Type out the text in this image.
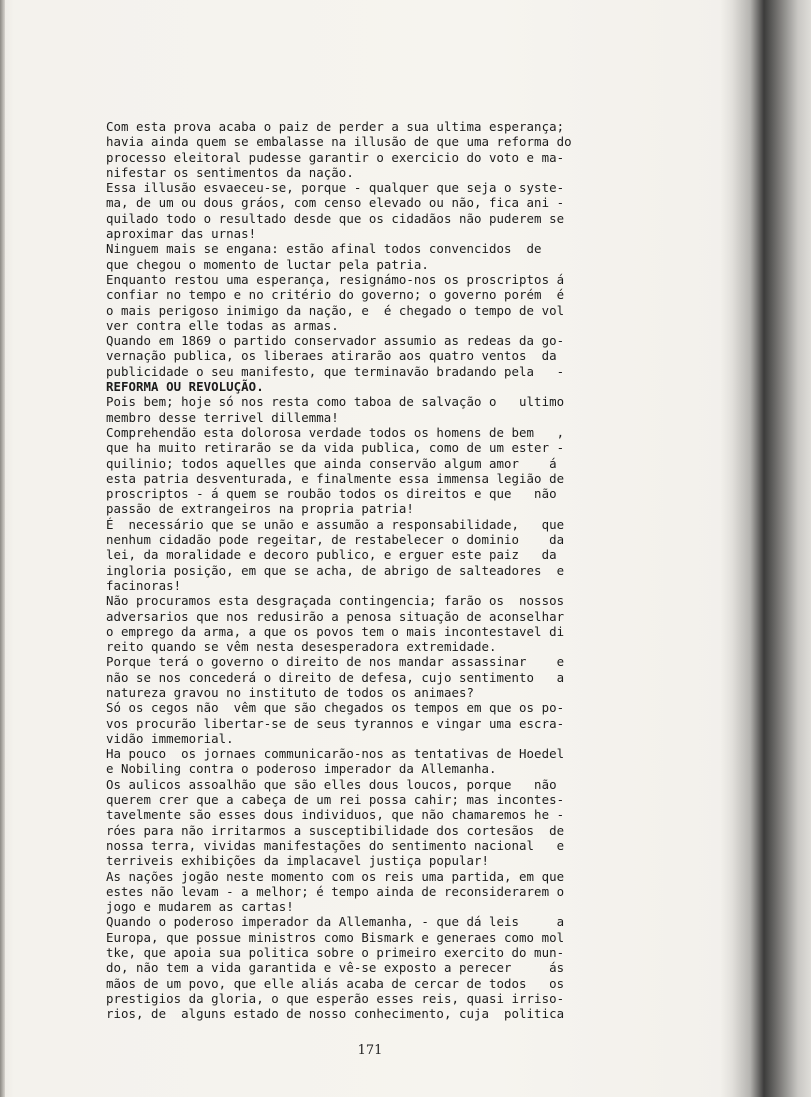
Com esta prova acaba o paiz de perder a sua ultima esperança;
havia ainda quem se embalasse na illusão de que uma reforma do
processo eleitoral pudesse garantir o exercicio do voto e ma-
nifestar os sentimentos da nação.
Essa illusão esvaeceu-se, porque - qualquer que seja o syste-
ma, de um ou dous gráos, com censo elevado ou não, fica ani -
quilado todo o resultado desde que os cidadãos não puderem se
aproximar das urnas!
Ninguem mais se engana: estão afinal todos convencidos  de
que chegou o momento de luctar pela patria.
Enquanto restou uma esperança, resignámo-nos os proscriptos á
confiar no tempo e no critério do governo; o governo porém  é
o mais perigoso inimigo da nação, e  é chegado o tempo de vol
ver contra elle todas as armas.
Quando em 1869 o partido conservador assumio as redeas da go-
vernação publica, os liberaes atirarão aos quatro ventos  da
publicidade o seu manifesto, que terminavão bradando pela   -
REFORMA OU REVOLUÇÃO.
Pois bem; hoje só nos resta como taboa de salvação o   ultimo
membro desse terrivel dillemma!
Comprehendão esta dolorosa verdade todos os homens de bem   ,
que ha muito retirarão se da vida publica, como de um ester -
quilinio; todos aquelles que ainda conservão algum amor    á
esta patria desventurada, e finalmente essa immensa legião de
proscriptos - á quem se roubão todos os direitos e que   não
passão de extrangeiros na propria patria!
É  necessário que se unão e assumão a responsabilidade,   que
nenhum cidadão pode regeitar, de restabelecer o dominio    da
lei, da moralidade e decoro publico, e erguer este paiz   da
ingloria posição, em que se acha, de abrigo de salteadores  e
facinoras!
Não procuramos esta desgraçada contingencia; farão os  nossos
adversarios que nos redusirão a penosa situação de aconselhar
o emprego da arma, a que os povos tem o mais incontestavel di
reito quando se vêm nesta desesperadora extremidade.
Porque terá o governo o direito de nos mandar assassinar    e
não se nos concederá o direito de defesa, cujo sentimento   a
natureza gravou no instituto de todos os animaes?
Só os cegos não  vêm que são chegados os tempos em que os po-
vos procurão libertar-se de seus tyrannos e vingar uma escra-
vidão immemorial.
Ha pouco  os jornaes communicarão-nos as tentativas de Hoedel
e Nobiling contra o poderoso imperador da Allemanha.
Os aulicos assoalhão que são elles dous loucos, porque   não
querem crer que a cabeça de um rei possa cahir; mas incontes-
tavelmente são esses dous individuos, que não chamaremos he -
róes para não irritarmos a susceptibilidade dos cortesãos  de
nossa terra, vividas manifestações do sentimento nacional   e
terriveis exhibições da implacavel justiça popular!
As nações jogão neste momento com os reis uma partida, em que
estes não levam - a melhor; é tempo ainda de reconsiderarem o
jogo e mudarem as cartas!
Quando o poderoso imperador da Allemanha, - que dá leis     a
Europa, que possue ministros como Bismark e generaes como mol
tke, que apoia sua politica sobre o primeiro exercito do mun-
do, não tem a vida garantida e vê-se exposto a perecer     ás
mãos de um povo, que elle aliás acaba de cercar de todos   os
prestigios da gloria, o que esperão esses reis, quasi irriso-
rios, de  alguns estado de nosso conhecimento, cuja  politica
171
